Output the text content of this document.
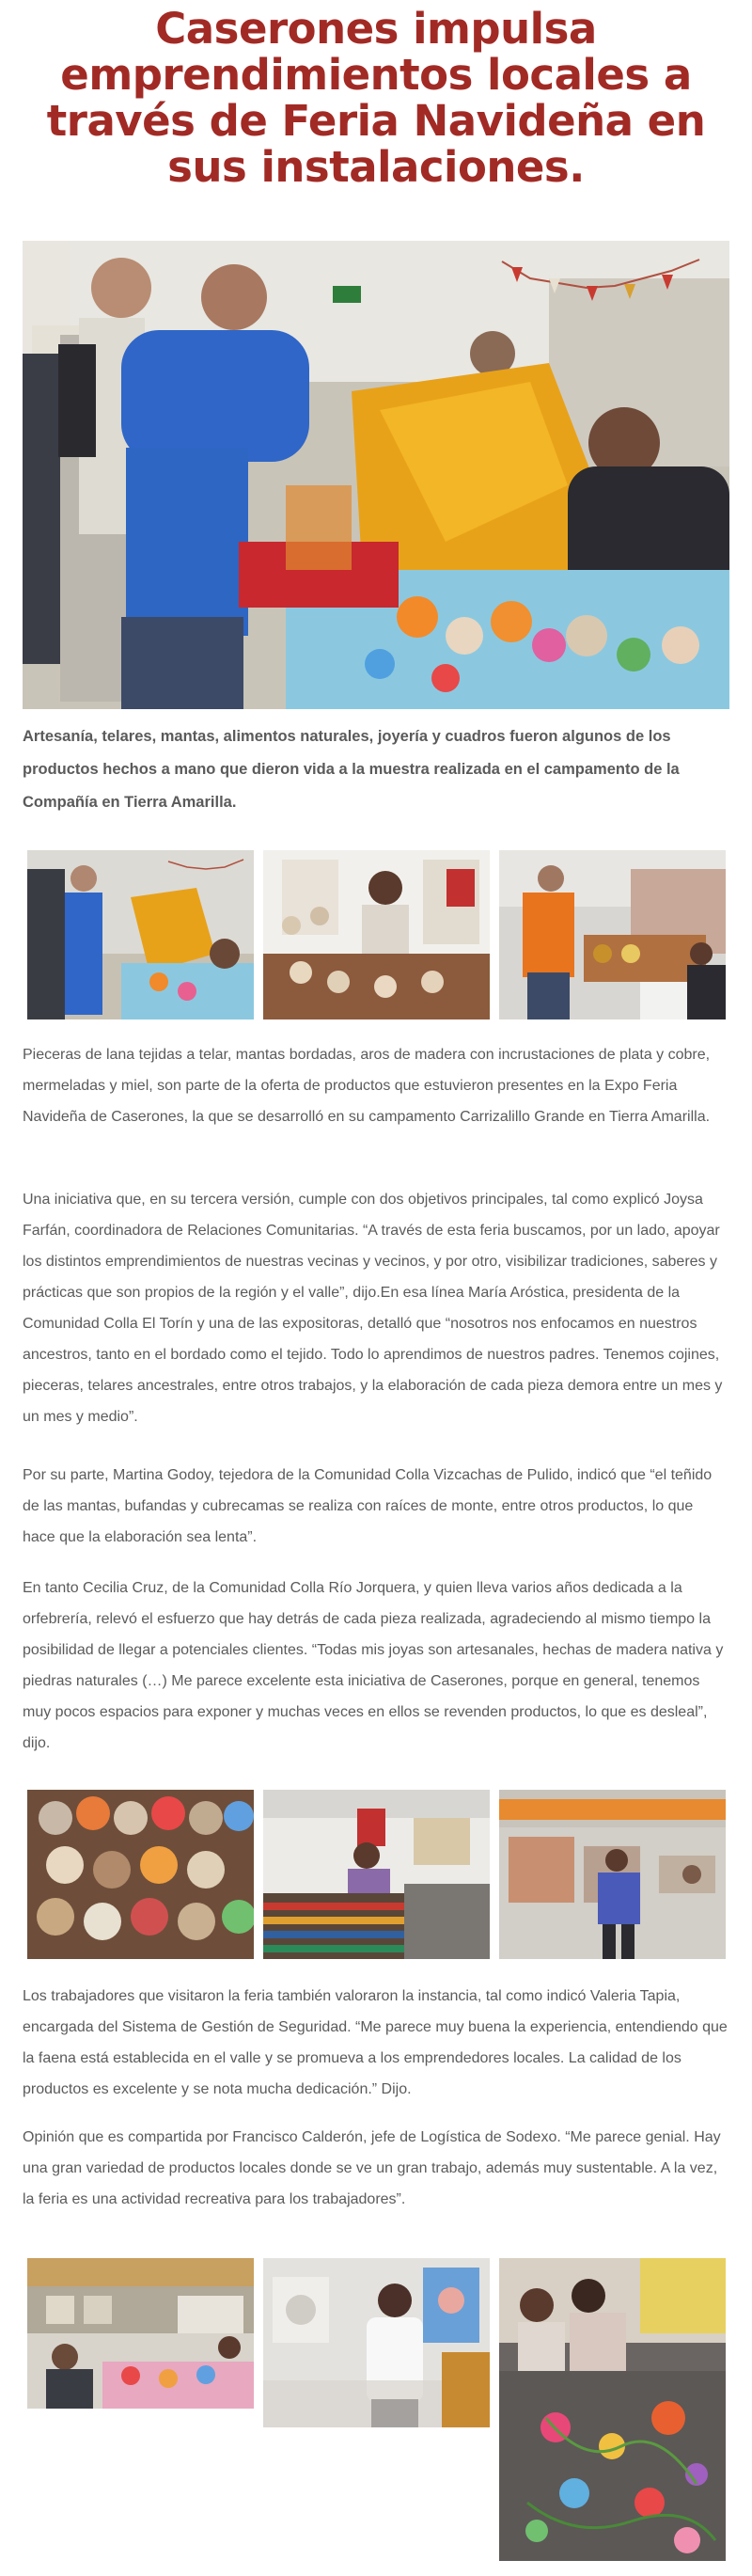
Caserones impulsa emprendimientos locales a través de Feria Navideña en sus instalaciones.

Artesanía, telares, mantas, alimentos naturales, joyería y cuadros fueron algunos de los productos hechos a mano que dieron vida a la muestra realizada en el campamento de la Compañía en Tierra Amarilla.

Pieceras de lana tejidas a telar, mantas bordadas, aros de madera con incrustaciones de plata y cobre, mermeladas y miel, son parte de la oferta de productos que estuvieron presentes en la Expo Feria Navideña de Caserones, la que se desarrolló en su campamento Carrizalillo Grande en Tierra Amarilla.

Una iniciativa que, en su tercera versión, cumple con dos objetivos principales, tal como explicó Joysa Farfán, coordinadora de Relaciones Comunitarias. “A través de esta feria buscamos, por un lado, apoyar los distintos emprendimientos de nuestras vecinas y vecinos, y por otro, visibilizar tradiciones, saberes y prácticas que son propios de la región y el valle”, dijo.En esa línea María Aróstica, presidenta de la Comunidad Colla El Torín y una de las expositoras, detalló que “nosotros nos enfocamos en nuestros ancestros, tanto en el bordado como el tejido. Todo lo aprendimos de nuestros padres. Tenemos cojines, pieceras, telares ancestrales, entre otros trabajos, y la elaboración de cada pieza demora entre un mes y un mes y medio”.

Por su parte, Martina Godoy, tejedora de la Comunidad Colla Vizcachas de Pulido, indicó que “el teñido de las mantas, bufandas y cubrecamas se realiza con raíces de monte, entre otros productos, lo que hace que la elaboración sea lenta”.

En tanto Cecilia Cruz, de la Comunidad Colla Río Jorquera, y quien lleva varios años dedicada a la orfebrería, relevó el esfuerzo que hay detrás de cada pieza realizada, agradeciendo al mismo tiempo la posibilidad de llegar a potenciales clientes. “Todas mis joyas son artesanales, hechas de madera nativa y piedras naturales (…) Me parece excelente esta iniciativa de Caserones, porque en general, tenemos muy pocos espacios para exponer y muchas veces en ellos se revenden productos, lo que es desleal”, dijo.

Los trabajadores que visitaron la feria también valoraron la instancia, tal como indicó Valeria Tapia, encargada del Sistema de Gestión de Seguridad. “Me parece muy buena la experiencia, entendiendo que la faena está establecida en el valle y se promueva a los emprendedores locales. La calidad de los productos es excelente y se nota mucha dedicación.” Dijo.

Opinión que es compartida por Francisco Calderón, jefe de Logística de Sodexo. “Me parece genial. Hay una gran variedad de productos locales donde se ve un gran trabajo, además muy sustentable. A la vez, la feria es una actividad recreativa para los trabajadores”.
